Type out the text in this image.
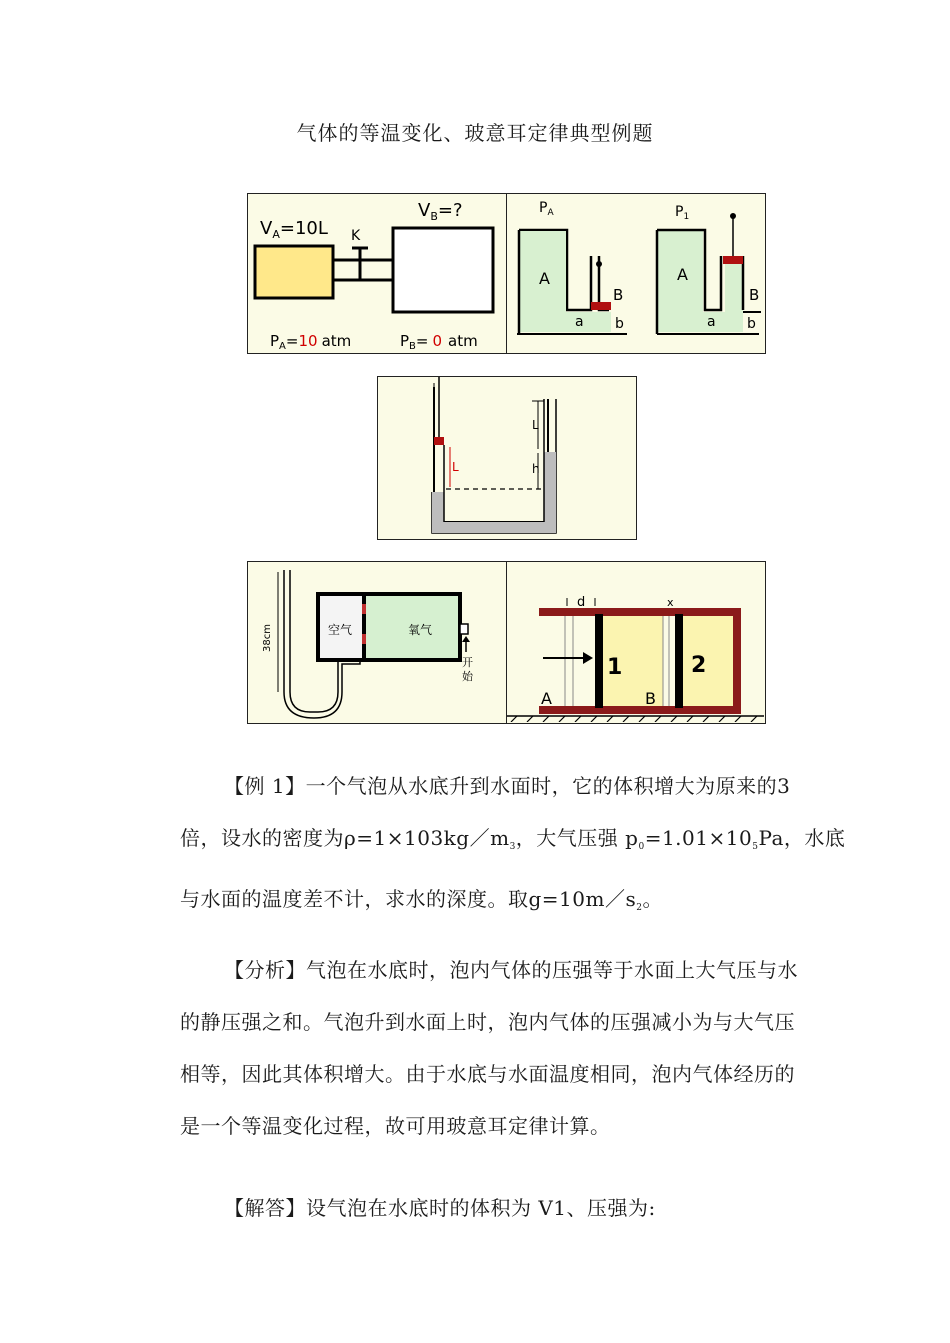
气体的等温变化、玻意耳定律典型例题
$V_A=10L$ K
$V_B=$?
$P_A=10$ atm	$P_B= 0$ atm
$P_A$
A
B
a b
$P_1$
A
B
a b
L
h
L
38cm	空气	氧气
开
始
d	x
1	2
A	B

【例 1】一个气泡从水底升到水面时，它的体积增大为原来的3

倍，设水的密度为$\rho=1\times 103kg/m_3$，大气压强 $p_0=1.01\times 10_5Pa$，水底

与水面的温度差不计，求水的深度。取$g=10m/s_2$。

【分析】气泡在水底时，泡内气体的压强等于水面上大气压与水

的静压强之和。气泡升到水面上时，泡内气体的压强减小为与大气压

相等，因此其体积增大。由于水底与水面温度相同，泡内气体经历的

是一个等温变化过程，故可用玻意耳定律计算。

【解答】设气泡在水底时的体积为 V1、压强为:
